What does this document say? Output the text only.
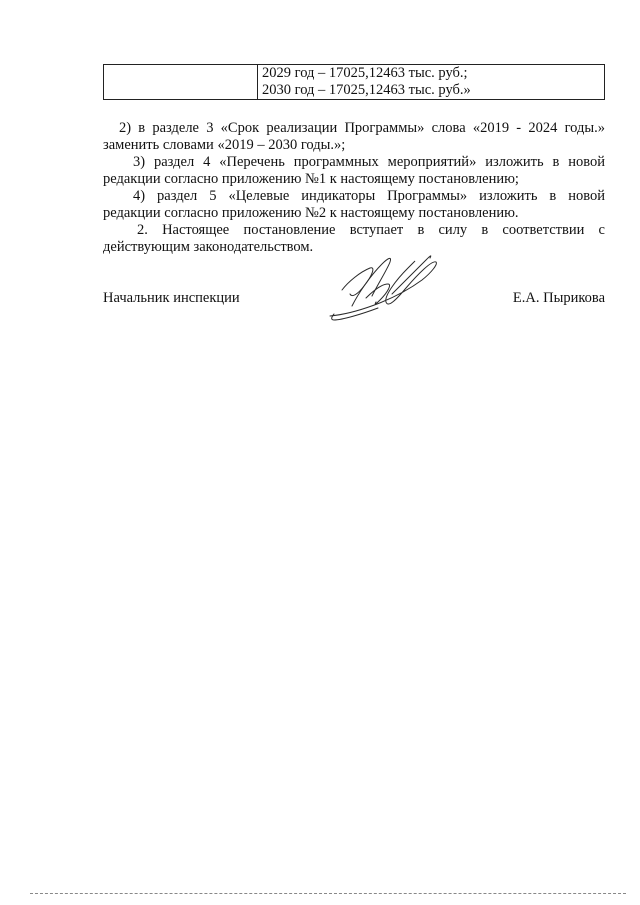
2029 год – 17025,12463 тыс. руб.;
2030 год – 17025,12463 тыс. руб.»
2) в разделе 3 «Срок реализации Программы» слова «2019 - 2024 годы.»
заменить словами «2019 – 2030 годы.»;
3) раздел 4 «Перечень программных мероприятий» изложить в новой
редакции согласно приложению №1 к настоящему постановлению;
4) раздел 5 «Целевые индикаторы Программы» изложить в новой
редакции согласно приложению №2 к настоящему постановлению.
2. Настоящее постановление вступает в силу в соответствии с
действующим законодательством.
Начальник инспекции	Е.А. Пырикова
